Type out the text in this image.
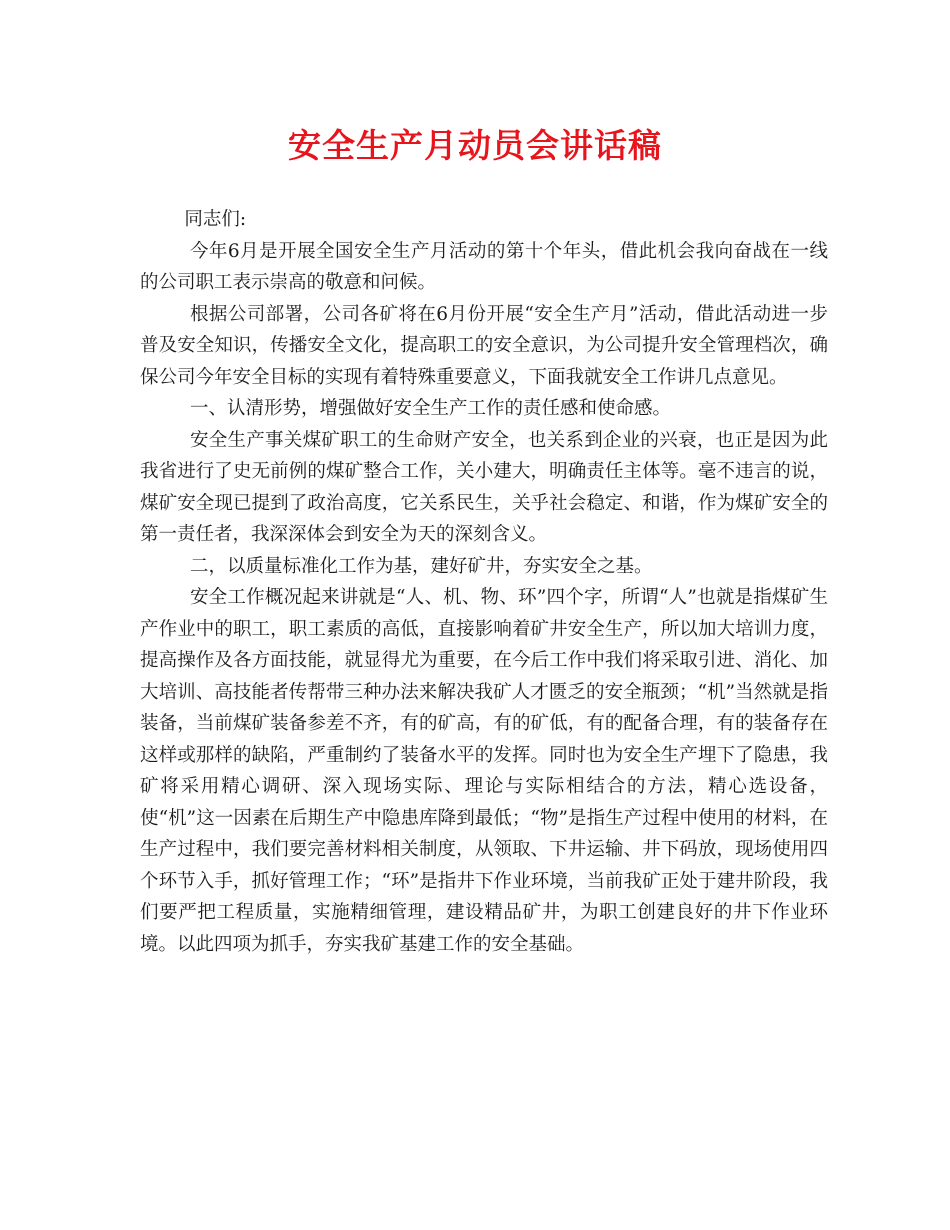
安全生产月动员会讲话稿

同志们:

今年6月是开展全国安全生产月活动的第十个年头，借此机会我向奋战在一线的公司职工表示崇高的敬意和问候。

根据公司部署，公司各矿将在6月份开展“安全生产月”活动，借此活动进一步普及安全知识，传播安全文化，提高职工的安全意识，为公司提升安全管理档次，确保公司今年安全目标的实现有着特殊重要意义，下面我就安全工作讲几点意见。

一、认清形势，增强做好安全生产工作的责任感和使命感。

安全生产事关煤矿职工的生命财产安全，也关系到企业的兴衰，也正是因为此我省进行了史无前例的煤矿整合工作，关小建大，明确责任主体等。毫不违言的说，煤矿安全现已提到了政治高度，它关系民生，关乎社会稳定、和谐，作为煤矿安全的第一责任者，我深深体会到安全为天的深刻含义。

二，以质量标准化工作为基，建好矿井，夯实安全之基。

安全工作概况起来讲就是“人、机、物、环”四个字，所谓“人”也就是指煤矿生产作业中的职工，职工素质的高低，直接影响着矿井安全生产，所以加大培训力度，提高操作及各方面技能，就显得尤为重要，在今后工作中我们将采取引进、消化、加大培训、高技能者传帮带三种办法来解决我矿人才匮乏的安全瓶颈；“机”当然就是指装备，当前煤矿装备参差不齐，有的矿高，有的矿低，有的配备合理，有的装备存在这样或那样的缺陷，严重制约了装备水平的发挥。同时也为安全生产埋下了隐患，我矿将采用精心调研、深入现场实际、理论与实际相结合的方法，精心选设备，使“机”这一因素在后期生产中隐患库降到最低；“物”是指生产过程中使用的材料，在生产过程中，我们要完善材料相关制度，从领取、下井运输、井下码放，现场使用四个环节入手，抓好管理工作；“环”是指井下作业环境，当前我矿正处于建井阶段，我们要严把工程质量，实施精细管理，建设精品矿井，为职工创建良好的井下作业环境。以此四项为抓手，夯实我矿基建工作的安全基础。
